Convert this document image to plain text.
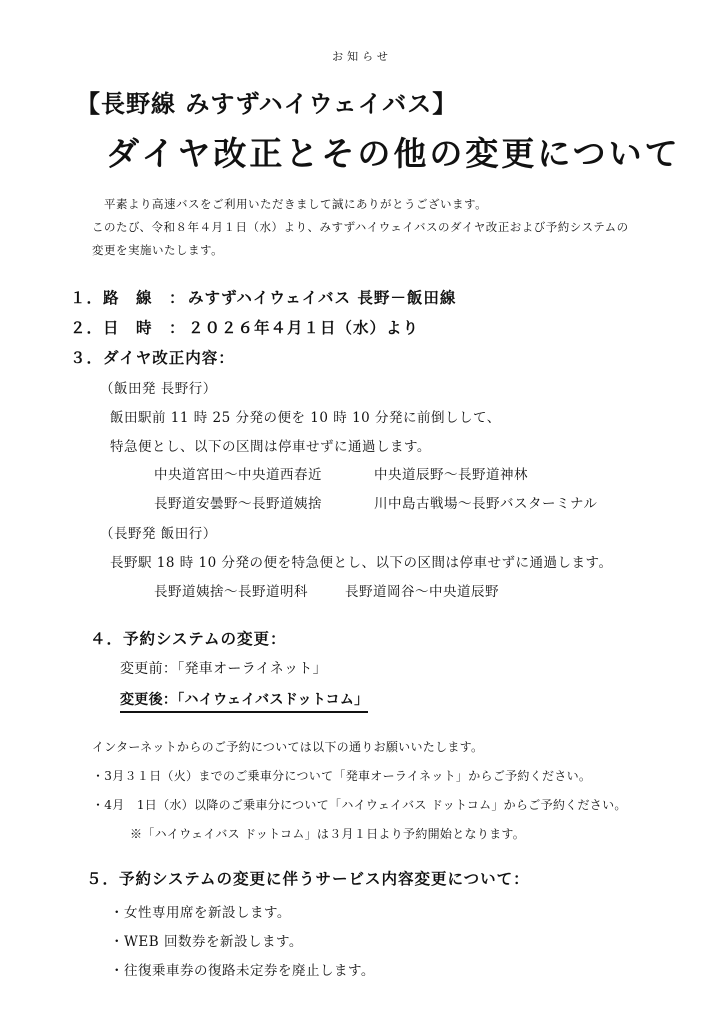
お知らせ
【長野線 みすずハイウェイバス】
ダイヤ改正とその他の変更について
平素より高速バスをご利用いただきまして誠にありがとうございます。
このたび、令和８年４月１日（水）より、みすずハイウェイバスのダイヤ改正および予約システムの
変更を実施いたします。
１．路　線　： みすずハイウェイバス 長野－飯田線
２．日　時　： ２０２６年４月１日（水）より
３．ダイヤ改正内容：
（飯田発 長野行）
飯田駅前 11 時 25 分発の便を 10 時 10 分発に前倒しして、
特急便とし、以下の区間は停車せずに通過します。
中央道宮田～中央道西春近	中央道辰野～長野道神林
長野道安曇野～長野道姨捨	川中島古戦場～長野バスターミナル
（長野発 飯田行）
長野駅 18 時 10 分発の便を特急便とし、以下の区間は停車せずに通過します。
長野道姨捨～長野道明科	長野道岡谷～中央道辰野
４．予約システムの変更：
変更前：「発車オーライネット」
変更後：「ハイウェイバスドットコム」
インターネットからのご予約については以下の通りお願いいたします。
・3月３１日（火）までのご乗車分について「発車オーライネット」からご予約ください。
・4月　1日（水）以降のご乗車分について「ハイウェイバス ドットコム」からご予約ください。
※「ハイウェイバス ドットコム」は３月１日より予約開始となります。
５．予約システムの変更に伴うサービス内容変更について：
・女性専用席を新設します。
・WEB 回数券を新設します。
・往復乗車券の復路未定券を廃止します。
